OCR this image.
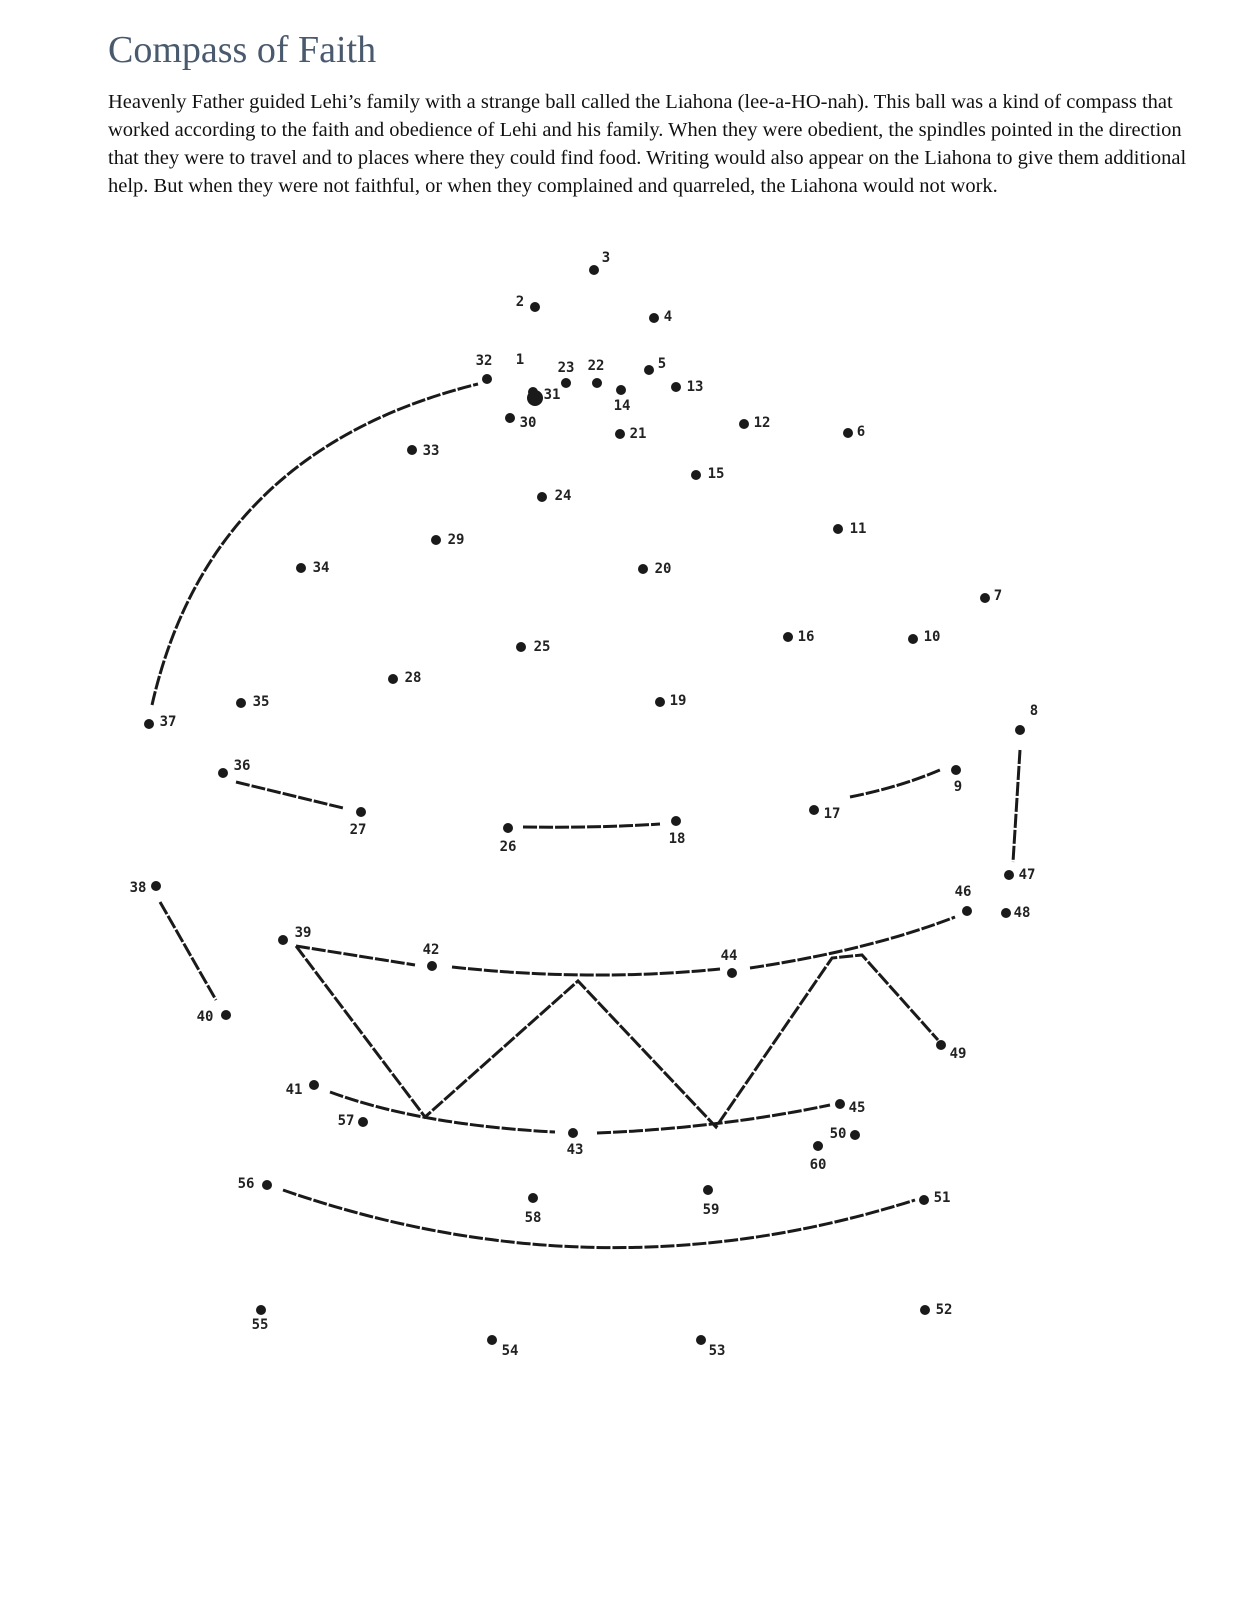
Compass of Faith

Heavenly Father guided Lehi’s family with a strange ball called the Liahona (lee-a-HO-nah). This ball was a kind of compass that worked according to the faith and obedience of Lehi and his family. When they were obedient, the spindles pointed in the direction that they were to travel and to places where they could find food. Writing would also appear on the Liahona to give them additional help. But when they were not faithful, or when they complained and quarreled, the Liahona would not work.

1
2
3
4
5
6
7
8
9
10
11
12
13
14
15
16
17
18
19
20
21
22
23
24
25
26
27
28
29
30
31
32
33
34
35
36
37
38
39
40
41
42
43
44
45
46
47
48
49
50
51
52
53
54
55
56
57
58	59
60
